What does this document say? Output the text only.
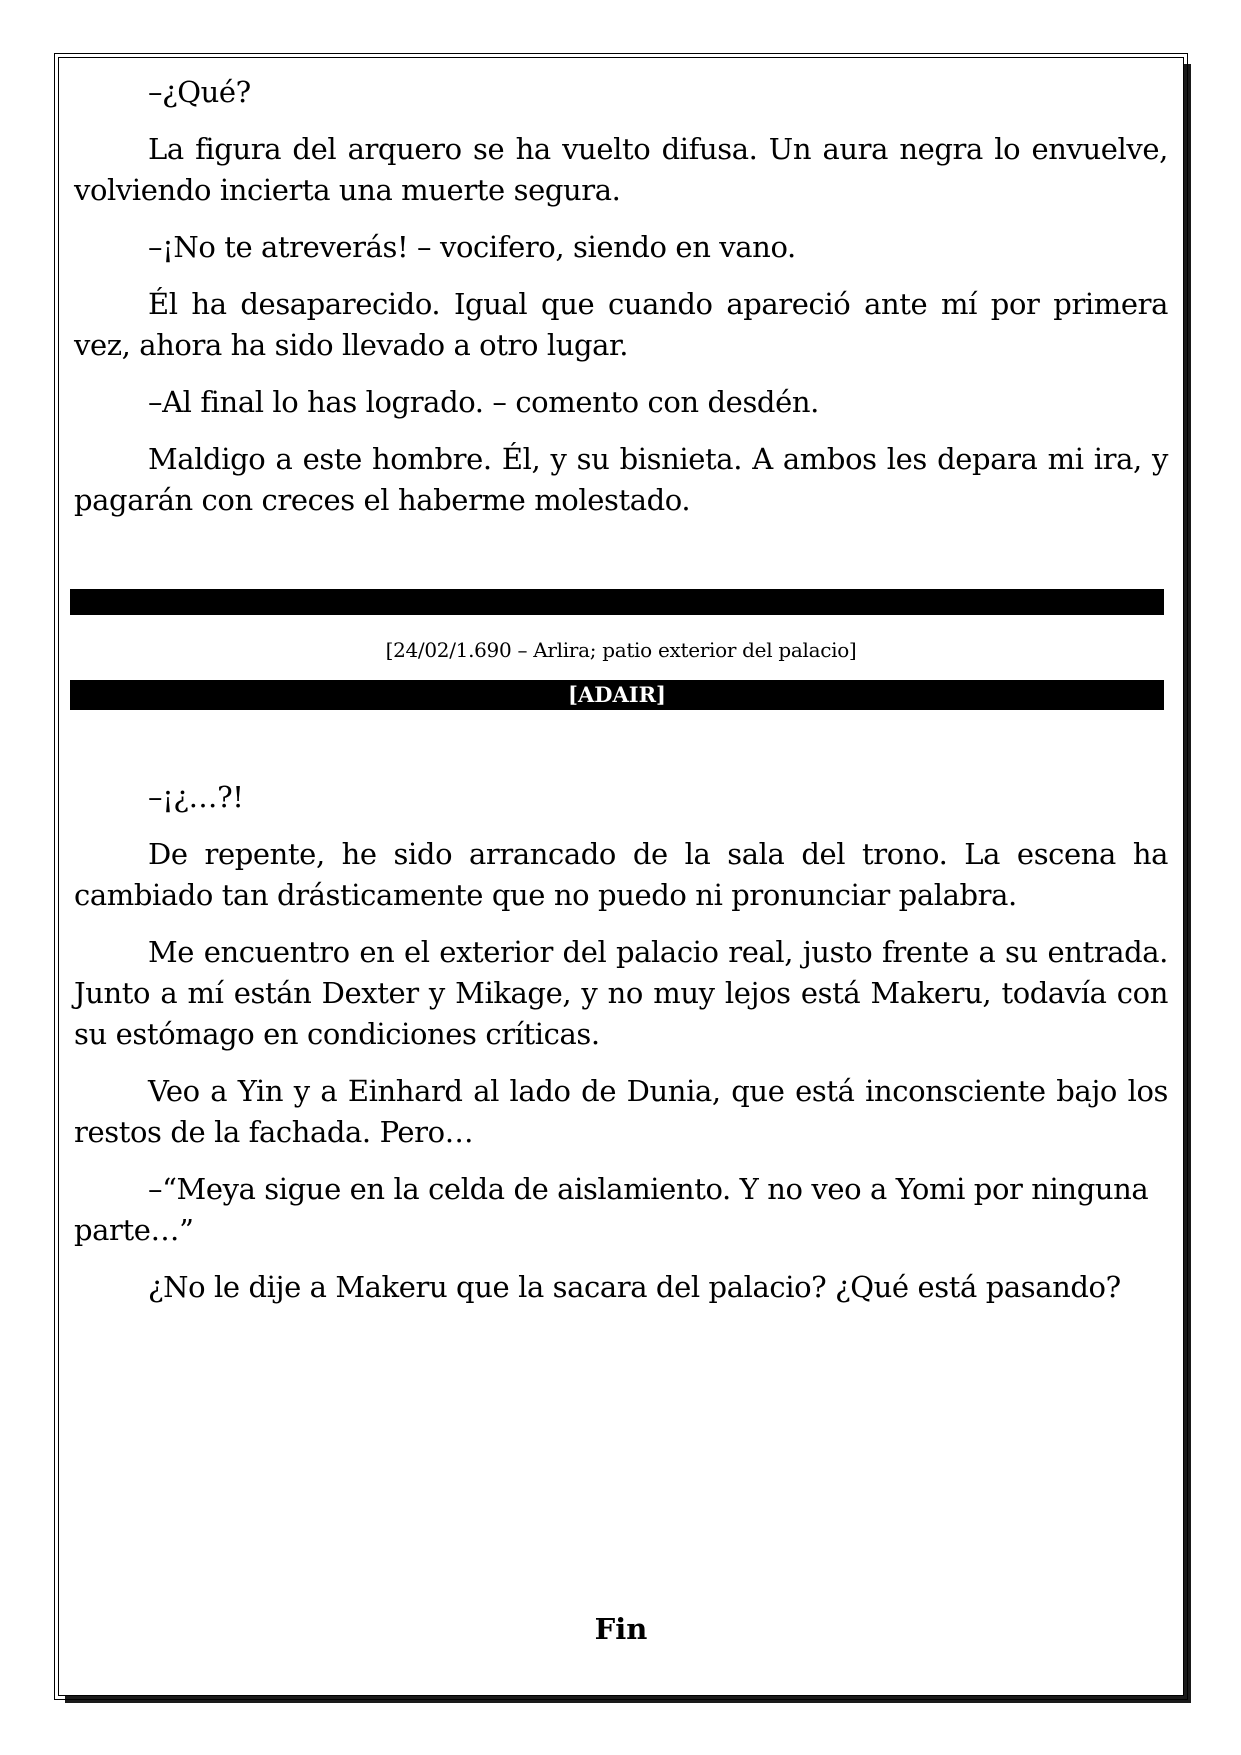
–¿Qué?

La figura del arquero se ha vuelto difusa. Un aura negra lo envuelve, volviendo incierta una muerte segura.

–¡No te atreverás! – vocifero, siendo en vano.

Él ha desaparecido. Igual que cuando apareció ante mí por primera vez, ahora ha sido llevado a otro lugar.

–Al final lo has logrado. – comento con desdén.

Maldigo a este hombre. Él, y su bisnieta. A ambos les depara mi ira, y pagarán con creces el haberme molestado.

[24/02/1.690 – Arlira; patio exterior del palacio]
[ADAIR]

–¡¿…?!

De repente, he sido arrancado de la sala del trono. La escena ha cambiado tan drásticamente que no puedo ni pronunciar palabra.

Me encuentro en el exterior del palacio real, justo frente a su entrada. Junto a mí están Dexter y Mikage, y no muy lejos está Makeru, todavía con su estómago en condiciones críticas.

Veo a Yin y a Einhard al lado de Dunia, que está inconsciente bajo los restos de la fachada. Pero…

–“Meya sigue en la celda de aislamiento. Y no veo a Yomi por ninguna parte…”

¿No le dije a Makeru que la sacara del palacio? ¿Qué está pasando?

Fin
